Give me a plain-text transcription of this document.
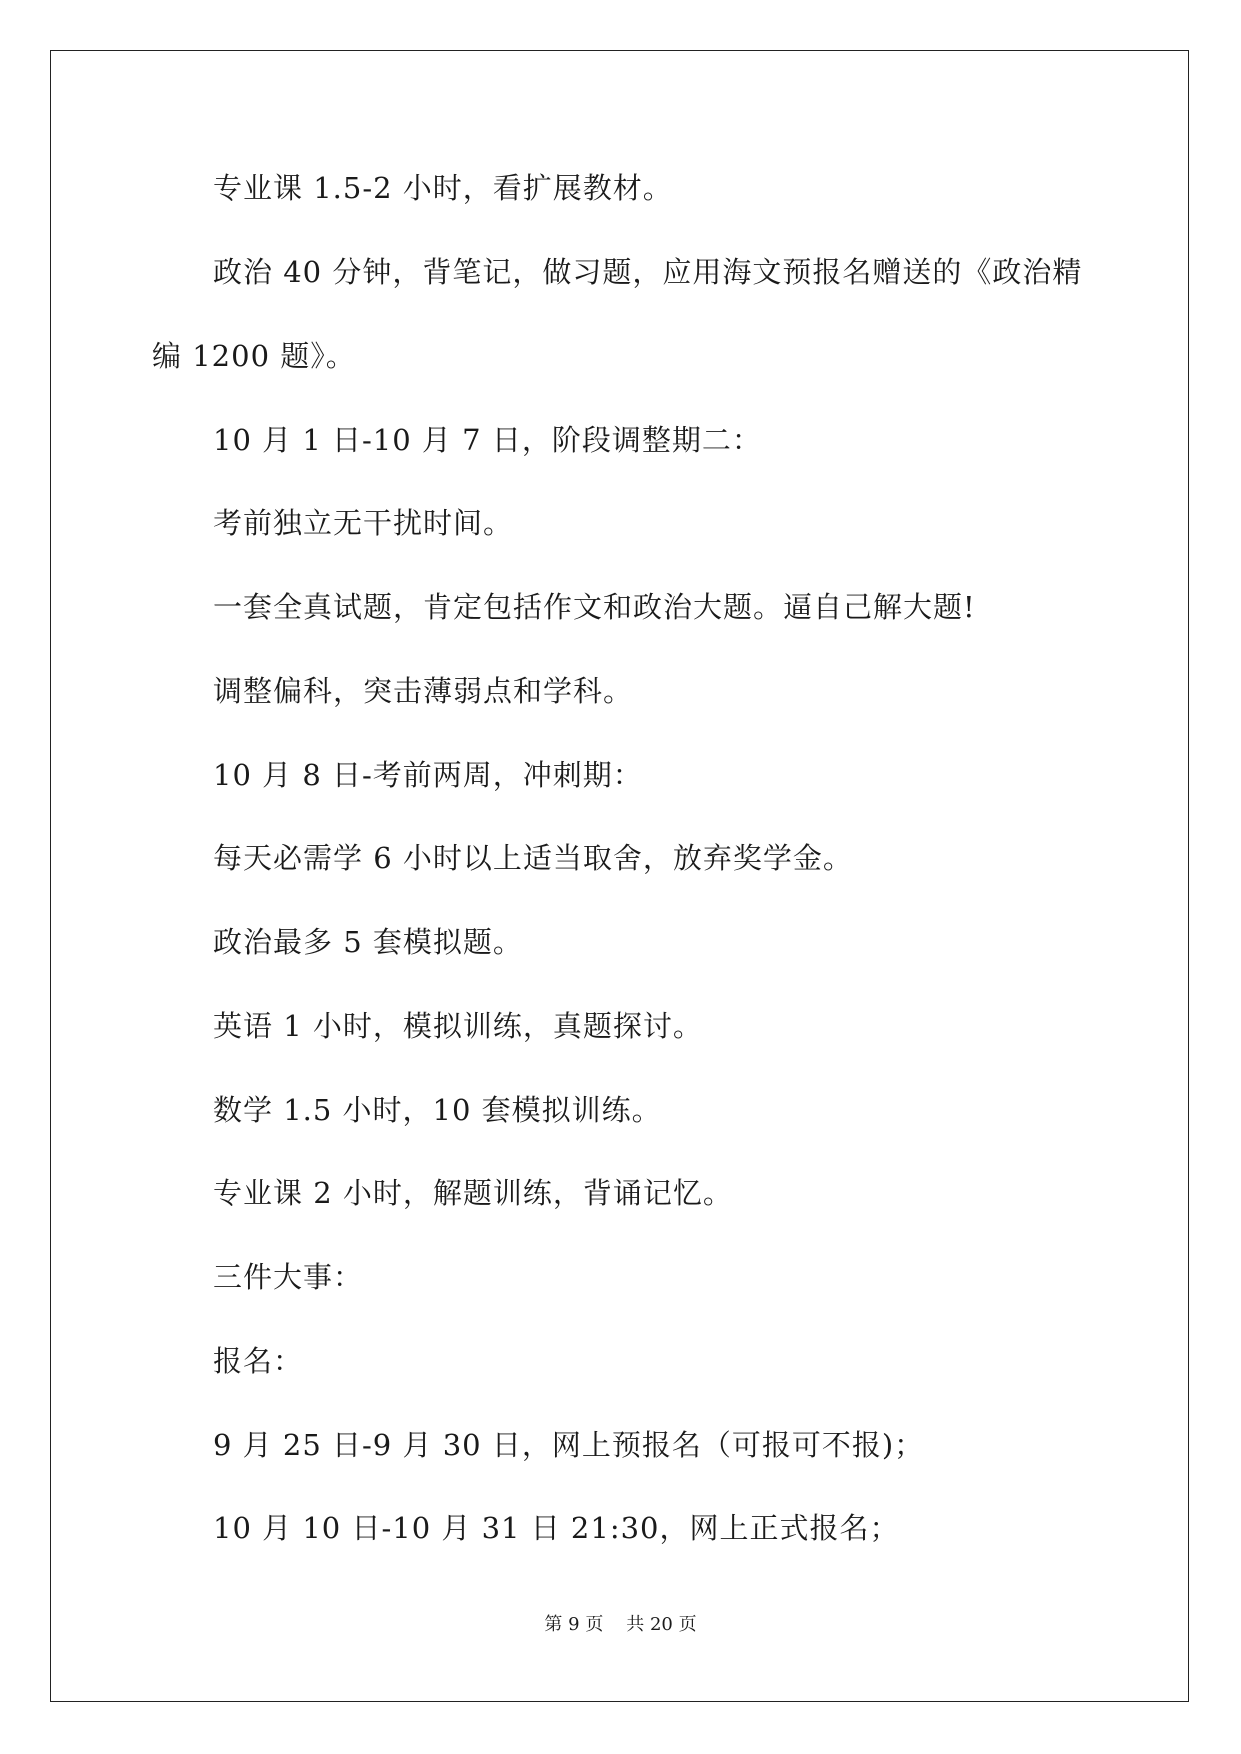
专业课 1.5-2 小时，看扩展教材。

政治 40 分钟，背笔记，做习题，应用海文预报名赠送的《政治精

编 1200 题》。

10 月 1 日-10 月 7 日，阶段调整期二：

考前独立无干扰时间。

一套全真试题，肯定包括作文和政治大题。逼自己解大题!

调整偏科，突击薄弱点和学科。

10 月 8 日-考前两周，冲刺期：

每天必需学 6 小时以上适当取舍，放弃奖学金。

政治最多 5 套模拟题。

英语 1 小时，模拟训练，真题探讨。

数学 1.5 小时，10 套模拟训练。

专业课 2 小时，解题训练，背诵记忆。

三件大事：

报名：

9 月 25 日-9 月 30 日，网上预报名（可报可不报)；

10 月 10 日-10 月 31 日 21:30，网上正式报名；

第 9 页 共 20 页
